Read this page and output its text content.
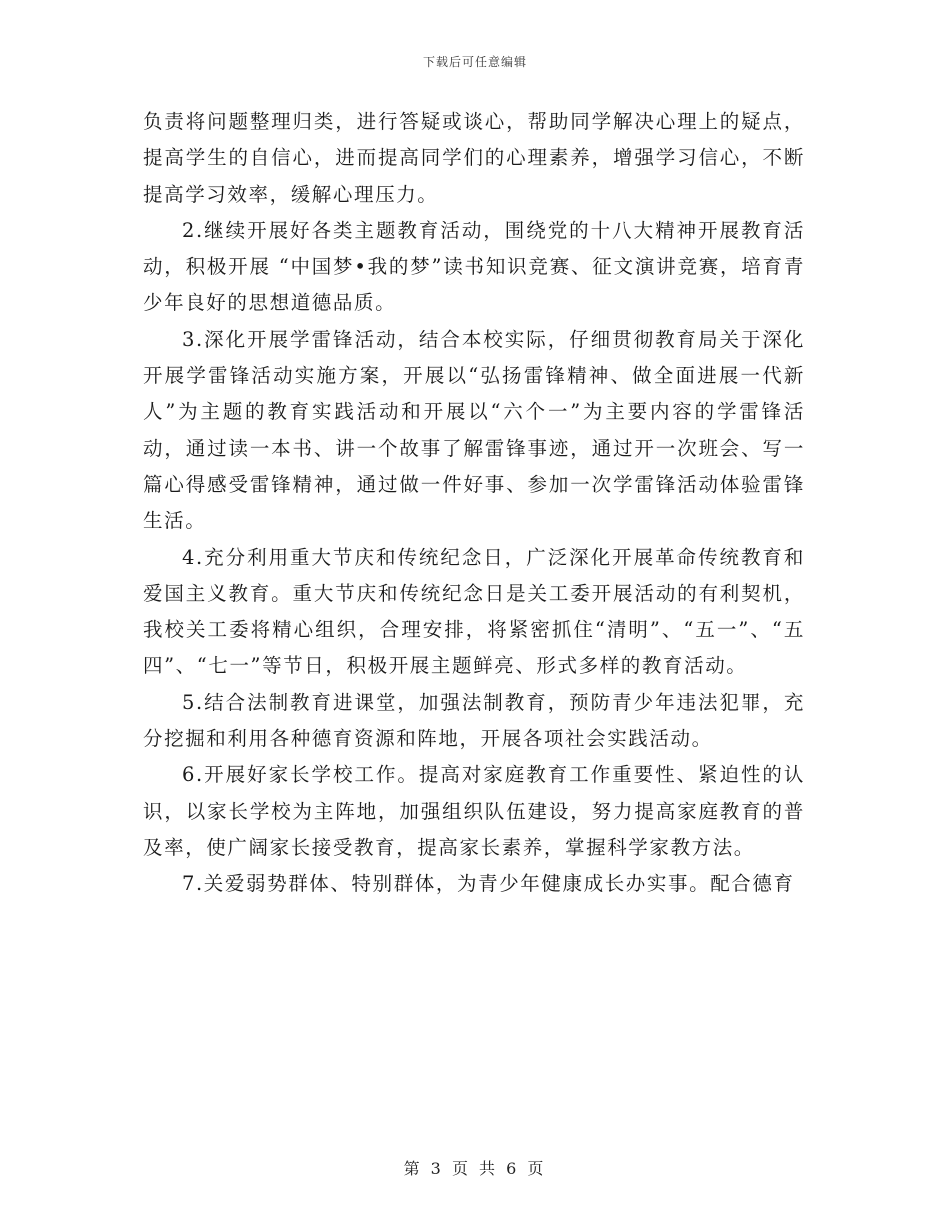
下载后可任意编辑

负责将问题整理归类，进行答疑或谈心，帮助同学解决心理上的疑点，提高学生的自信心，进而提高同学们的心理素养，增强学习信心，不断提高学习效率，缓解心理压力。

2.继续开展好各类主题教育活动，围绕党的十八大精神开展教育活动，积极开展 “中国梦•我的梦”读书知识竞赛、征文演讲竞赛，培育青少年良好的思想道德品质。

3.深化开展学雷锋活动，结合本校实际，仔细贯彻教育局关于深化开展学雷锋活动实施方案，开展以“弘扬雷锋精神、做全面进展一代新人”为主题的教育实践活动和开展以“六个一”为主要内容的学雷锋活动，通过读一本书、讲一个故事了解雷锋事迹，通过开一次班会、写一篇心得感受雷锋精神，通过做一件好事、参加一次学雷锋活动体验雷锋生活。

4.充分利用重大节庆和传统纪念日，广泛深化开展革命传统教育和爱国主义教育。重大节庆和传统纪念日是关工委开展活动的有利契机，我校关工委将精心组织，合理安排，将紧密抓住“清明”、“五一”、“五四”、“七一”等节日，积极开展主题鲜亮、形式多样的教育活动。

5.结合法制教育进课堂，加强法制教育，预防青少年违法犯罪，充分挖掘和利用各种德育资源和阵地，开展各项社会实践活动。

6.开展好家长学校工作。提高对家庭教育工作重要性、紧迫性的认识，以家长学校为主阵地，加强组织队伍建设，努力提高家庭教育的普及率，使广阔家长接受教育，提高家长素养，掌握科学家教方法。

7.关爱弱势群体、特别群体，为青少年健康成长办实事。配合德育

第 3 页 共 6 页
